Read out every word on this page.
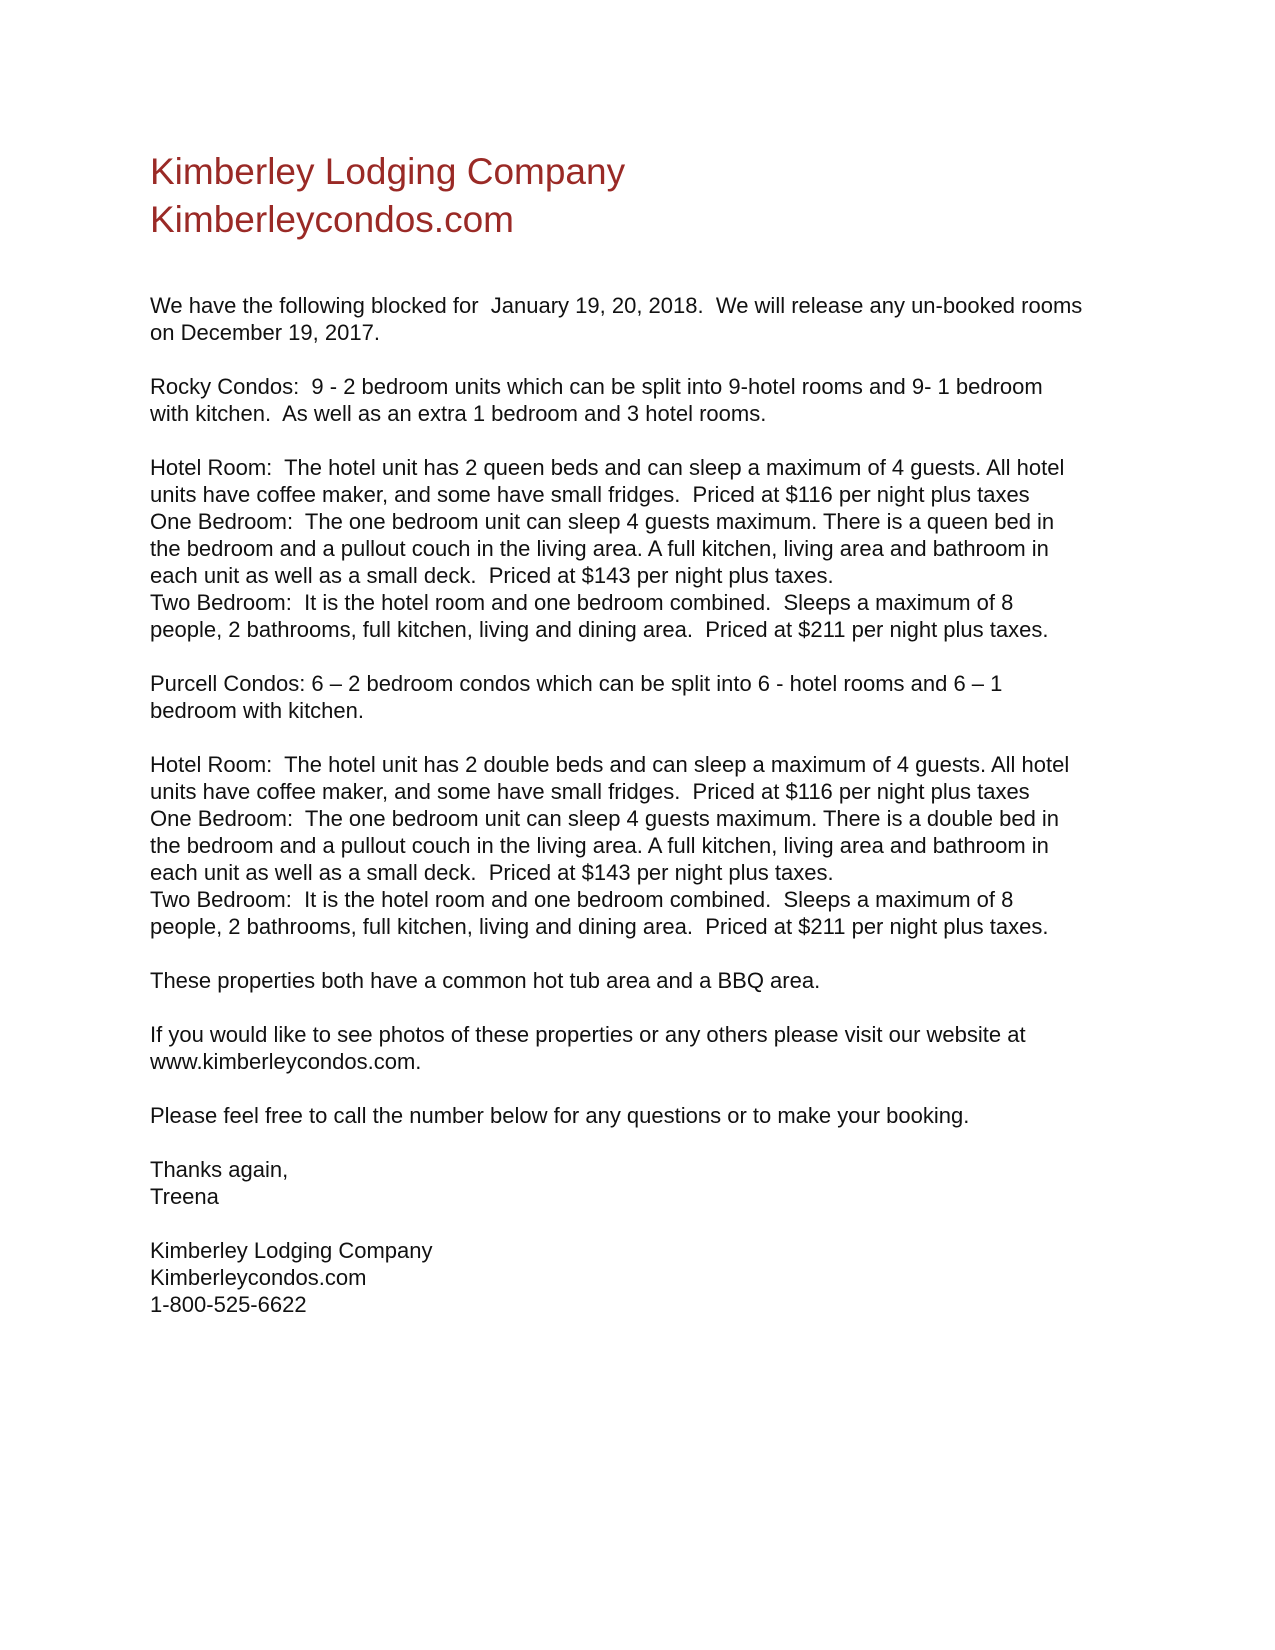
Kimberley Lodging Company
Kimberleycondos.com

We have the following blocked for  January 19, 20, 2018.  We will release any un-booked rooms
on December 19, 2017.

Rocky Condos:  9 - 2 bedroom units which can be split into 9-hotel rooms and 9- 1 bedroom
with kitchen.  As well as an extra 1 bedroom and 3 hotel rooms.

Hotel Room:  The hotel unit has 2 queen beds and can sleep a maximum of 4 guests. All hotel
units have coffee maker, and some have small fridges.  Priced at $116 per night plus taxes
One Bedroom:  The one bedroom unit can sleep 4 guests maximum. There is a queen bed in
the bedroom and a pullout couch in the living area. A full kitchen, living area and bathroom in
each unit as well as a small deck.  Priced at $143 per night plus taxes.
Two Bedroom:  It is the hotel room and one bedroom combined.  Sleeps a maximum of 8
people, 2 bathrooms, full kitchen, living and dining area.  Priced at $211 per night plus taxes.

Purcell Condos: 6 – 2 bedroom condos which can be split into 6 - hotel rooms and 6 – 1
bedroom with kitchen.

Hotel Room:  The hotel unit has 2 double beds and can sleep a maximum of 4 guests. All hotel
units have coffee maker, and some have small fridges.  Priced at $116 per night plus taxes
One Bedroom:  The one bedroom unit can sleep 4 guests maximum. There is a double bed in
the bedroom and a pullout couch in the living area. A full kitchen, living area and bathroom in
each unit as well as a small deck.  Priced at $143 per night plus taxes.
Two Bedroom:  It is the hotel room and one bedroom combined.  Sleeps a maximum of 8
people, 2 bathrooms, full kitchen, living and dining area.  Priced at $211 per night plus taxes.

These properties both have a common hot tub area and a BBQ area.

If you would like to see photos of these properties or any others please visit our website at
www.kimberleycondos.com.

Please feel free to call the number below for any questions or to make your booking.

Thanks again,
Treena

Kimberley Lodging Company
Kimberleycondos.com
1-800-525-6622
